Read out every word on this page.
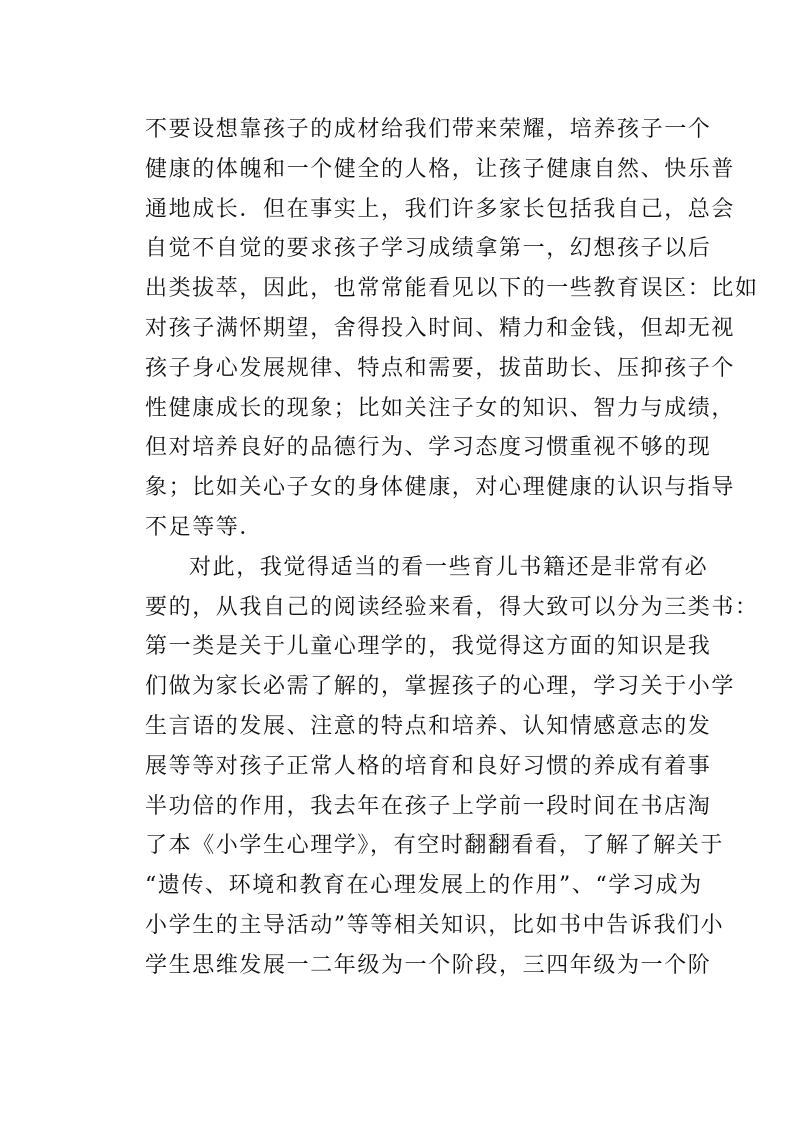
不要设想靠孩子的成材给我们带来荣耀，培养孩子一个
健康的体魄和一个健全的人格，让孩子健康自然、快乐普
通地成长．但在事实上，我们许多家长包括我自己，总会
自觉不自觉的要求孩子学习成绩拿第一，幻想孩子以后
出类拔萃，因此，也常常能看见以下的一些教育误区：比如
对孩子满怀期望，舍得投入时间、精力和金钱，但却无视
孩子身心发展规律、特点和需要，拔苗助长、压抑孩子个
性健康成长的现象；比如关注子女的知识、智力与成绩，
但对培养良好的品德行为、学习态度习惯重视不够的现
象；比如关心子女的身体健康，对心理健康的认识与指导
不足等等．
对此，我觉得适当的看一些育儿书籍还是非常有必
要的，从我自己的阅读经验来看，得大致可以分为三类书：
第一类是关于儿童心理学的，我觉得这方面的知识是我
们做为家长必需了解的，掌握孩子的心理，学习关于小学
生言语的发展、注意的特点和培养、认知情感意志的发
展等等对孩子正常人格的培育和良好习惯的养成有着事
半功倍的作用，我去年在孩子上学前一段时间在书店淘
了本《小学生心理学》，有空时翻翻看看，了解了解关于
“遗传、环境和教育在心理发展上的作用”、“学习成为
小学生的主导活动”等等相关知识，比如书中告诉我们小
学生思维发展一二年级为一个阶段，三四年级为一个阶
